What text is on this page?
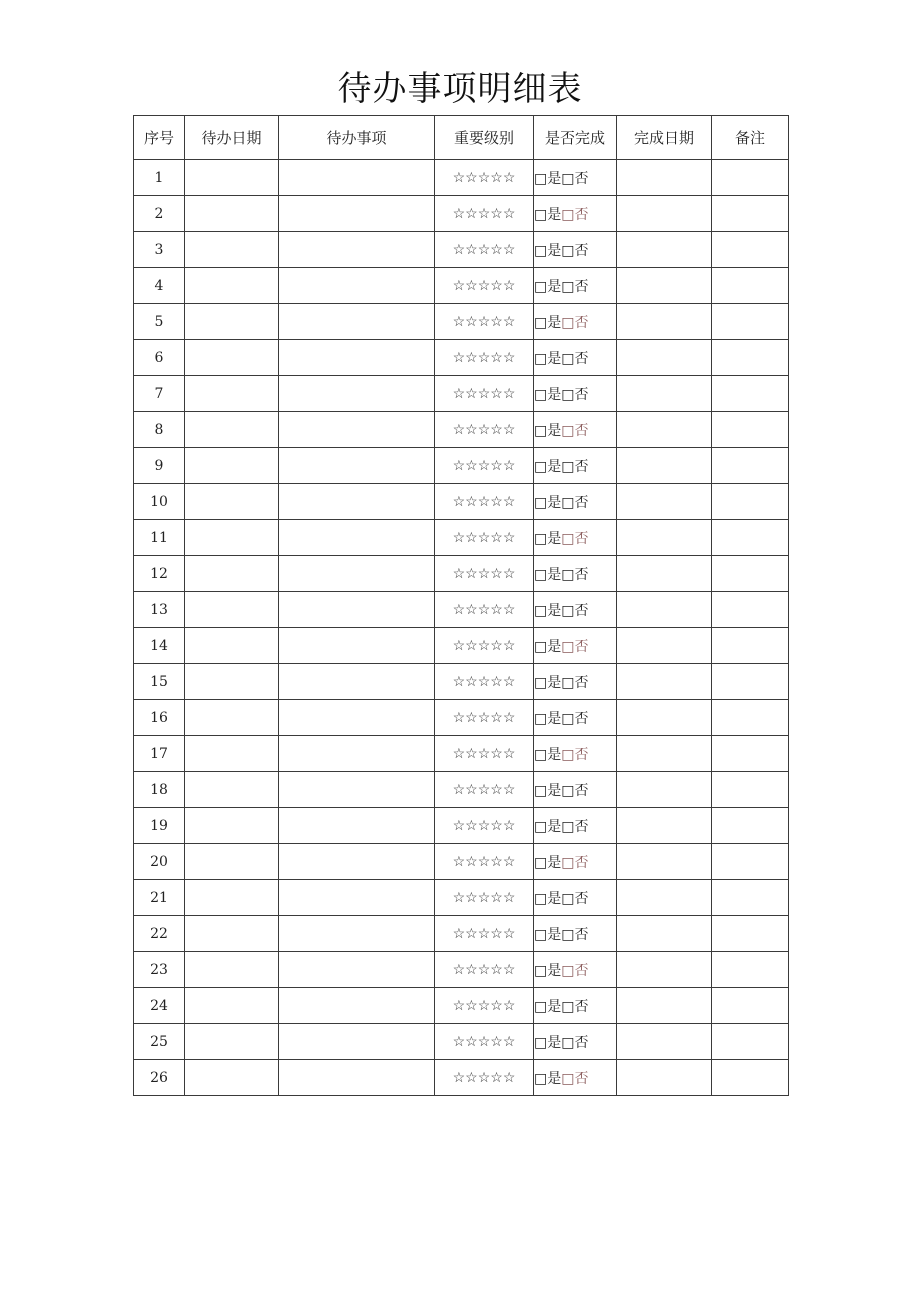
待办事项明细表
序号	待办日期	待办事项	重要级别	是否完成	完成日期	备注
1			☆☆☆☆☆	□是□否		
2			☆☆☆☆☆	□是□否		
3			☆☆☆☆☆	□是□否		
4			☆☆☆☆☆	□是□否		
5			☆☆☆☆☆	□是□否		
6			☆☆☆☆☆	□是□否		
7			☆☆☆☆☆	□是□否		
8			☆☆☆☆☆	□是□否		
9			☆☆☆☆☆	□是□否		
10			☆☆☆☆☆	□是□否		
11			☆☆☆☆☆	□是□否		
12			☆☆☆☆☆	□是□否		
13			☆☆☆☆☆	□是□否		
14			☆☆☆☆☆	□是□否		
15			☆☆☆☆☆	□是□否		
16			☆☆☆☆☆	□是□否		
17			☆☆☆☆☆	□是□否		
18			☆☆☆☆☆	□是□否		
19			☆☆☆☆☆	□是□否		
20			☆☆☆☆☆	□是□否		
21			☆☆☆☆☆	□是□否		
22			☆☆☆☆☆	□是□否		
23			☆☆☆☆☆	□是□否		
24			☆☆☆☆☆	□是□否		
25			☆☆☆☆☆	□是□否		
26			☆☆☆☆☆	□是□否		
